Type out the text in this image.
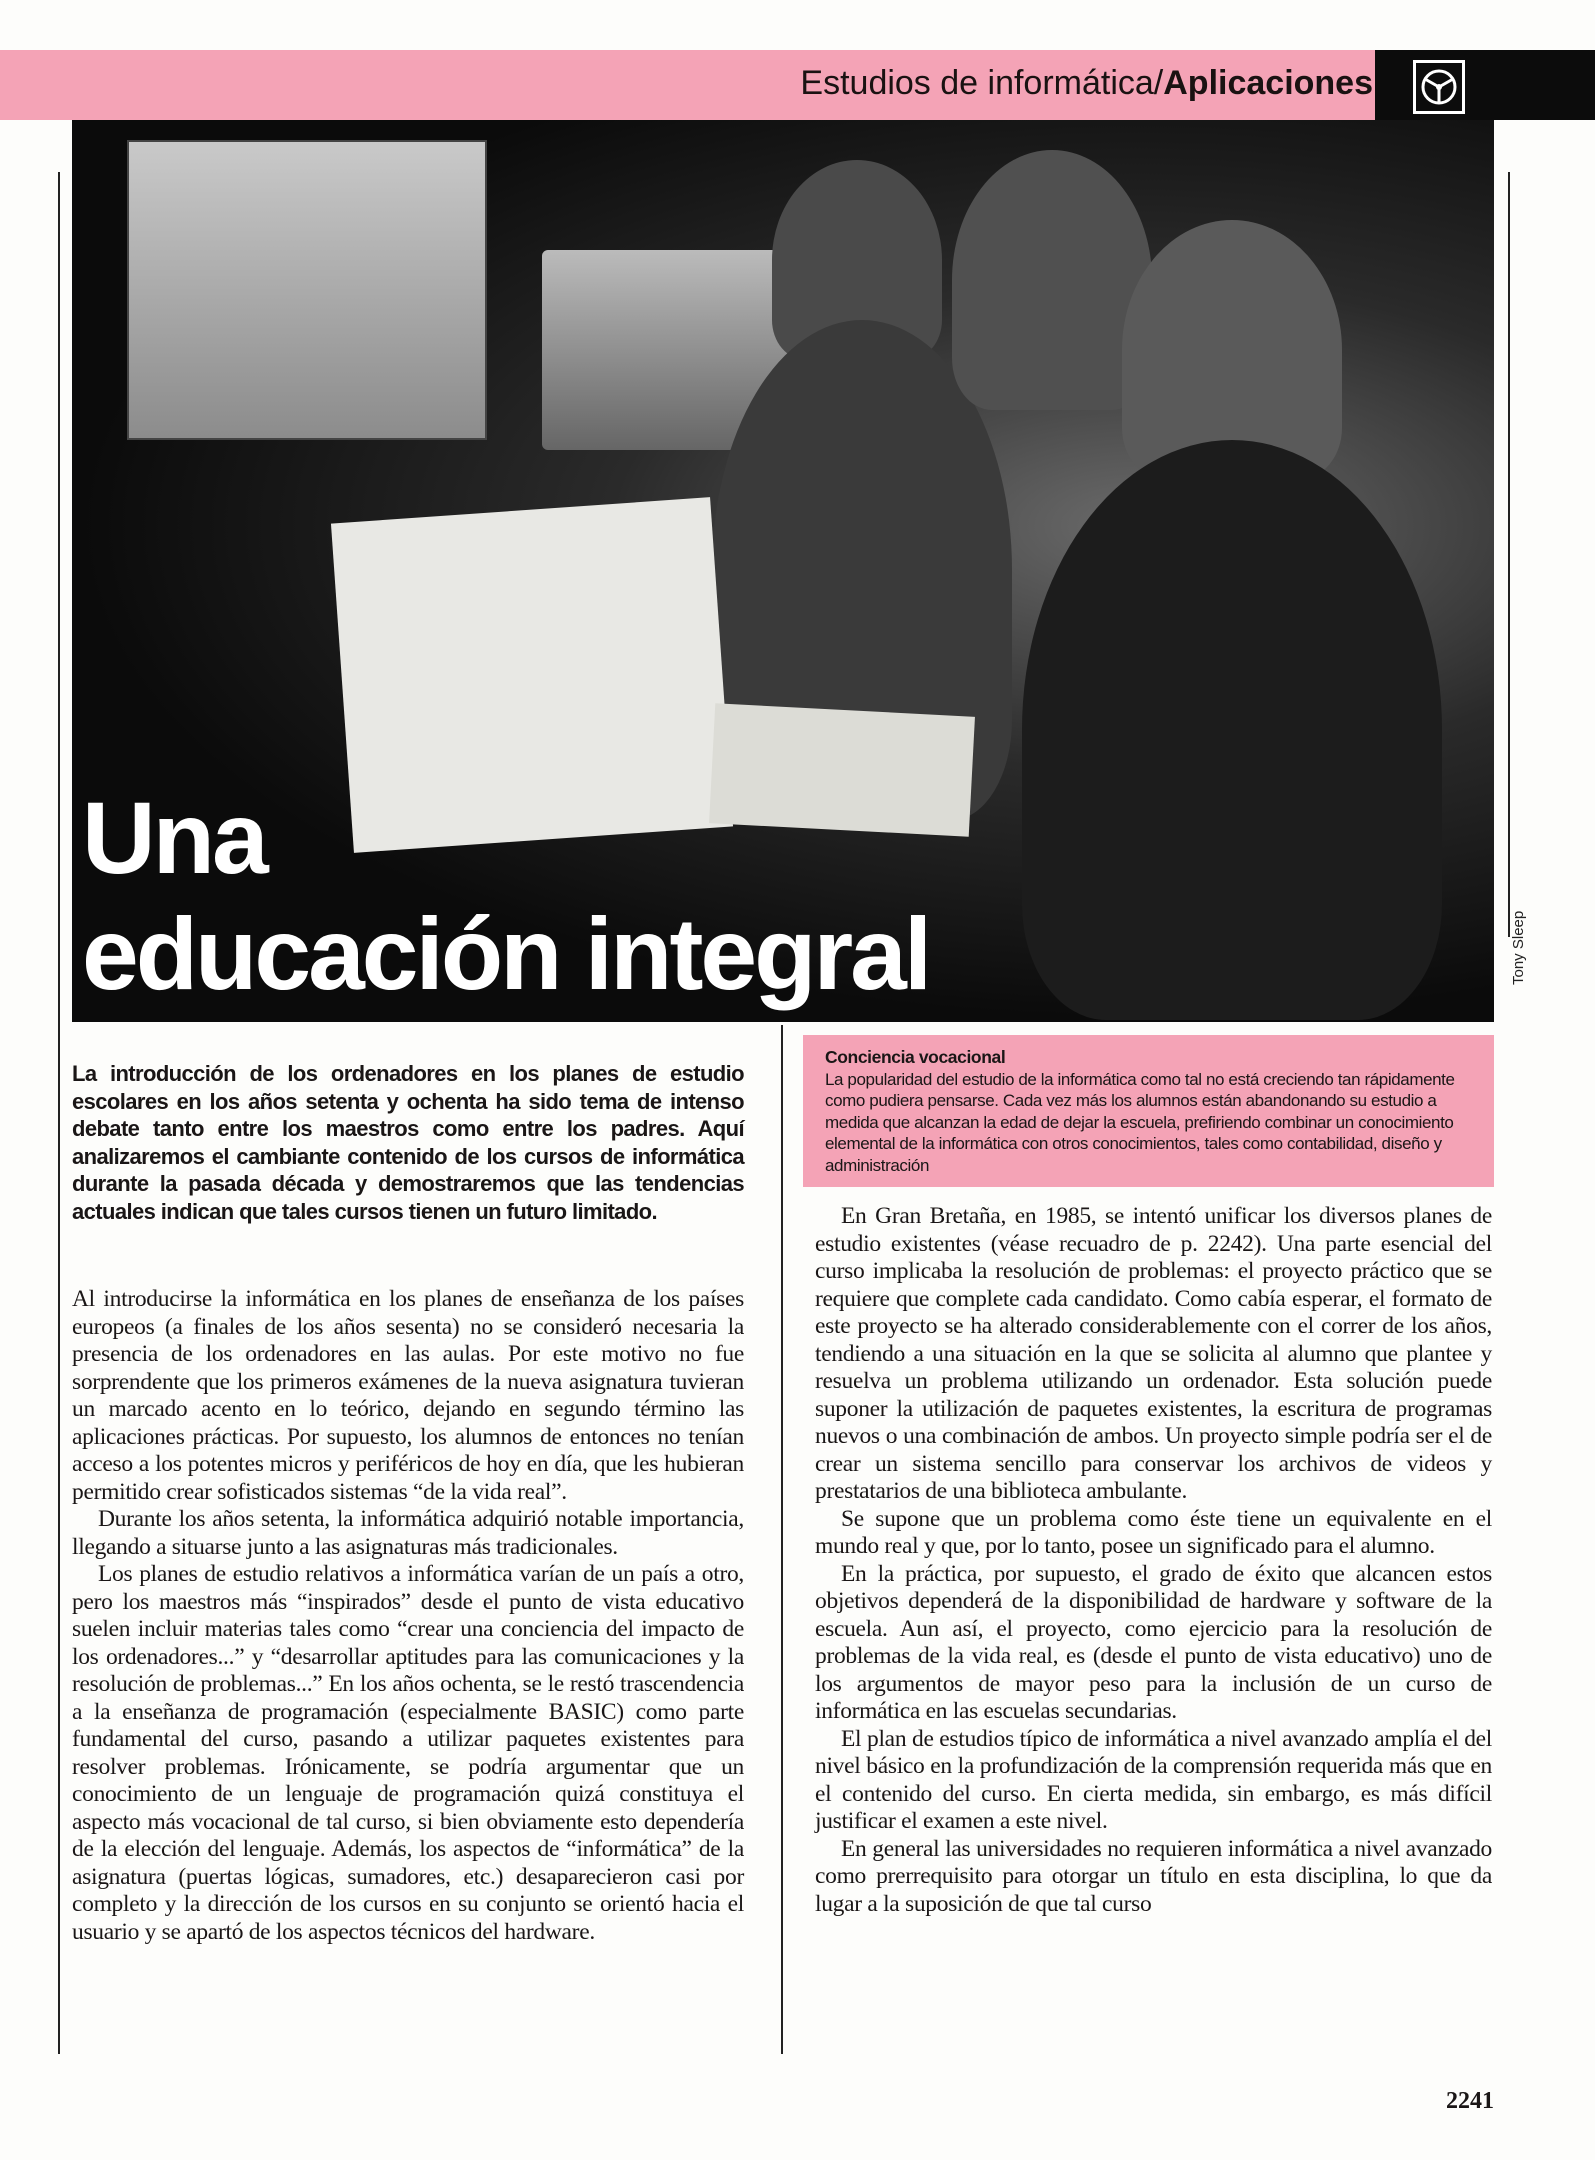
Estudios de informática/Aplicaciones
Una
educación integral	Tony Sleep
La introducción de los ordenadores en los planes de estudio escolares en los años setenta y ochenta ha sido tema de intenso debate tanto entre los maestros como entre los padres. Aquí analizaremos el cambiante contenido de los cursos de informática durante la pasada década y demostraremos que las tendencias actuales indican que tales cursos tienen un futuro limitado.

Al introducirse la informática en los planes de enseñanza de los países europeos (a finales de los años sesenta) no se consideró necesaria la presencia de los ordenadores en las aulas. Por este motivo no fue sorprendente que los primeros exámenes de la nueva asignatura tuvieran un marcado acento en lo teórico, dejando en segundo término las aplicaciones prácticas. Por supuesto, los alumnos de entonces no tenían acceso a los potentes micros y periféricos de hoy en día, que les hubieran permitido crear sofisticados sistemas “de la vida real”.

Durante los años setenta, la informática adquirió notable importancia, llegando a situarse junto a las asignaturas más tradicionales.

Los planes de estudio relativos a informática varían de un país a otro, pero los maestros más “inspirados” desde el punto de vista educativo suelen incluir materias tales como “crear una conciencia del impacto de los ordenadores...” y “desarrollar aptitudes para las comunicaciones y la resolución de problemas...” En los años ochenta, se le restó trascendencia a la enseñanza de programación (especialmente BASIC) como parte fundamental del curso, pasando a utilizar paquetes existentes para resolver problemas. Irónicamente, se podría argumentar que un conocimiento de un lenguaje de programación quizá constituya el aspecto más vocacional de tal curso, si bien obviamente esto dependería de la elección del lenguaje. Además, los aspectos de “informática” de la asignatura (puertas lógicas, sumadores, etc.) desaparecieron casi por completo y la dirección de los cursos en su conjunto se orientó hacia el usuario y se apartó de los aspectos técnicos del hardware.

Conciencia vocacional
La popularidad del estudio de la informática como tal no está creciendo tan rápidamente como pudiera pensarse. Cada vez más los alumnos están abandonando su estudio a medida que alcanzan la edad de dejar la escuela, prefiriendo combinar un conocimiento elemental de la informática con otros conocimientos, tales como contabilidad, diseño y administración

En Gran Bretaña, en 1985, se intentó unificar los diversos planes de estudio existentes (véase recuadro de p. 2242). Una parte esencial del curso implicaba la resolución de problemas: el proyecto práctico que se requiere que complete cada candidato. Como cabía esperar, el formato de este proyecto se ha alterado considerablemente con el correr de los años, tendiendo a una situación en la que se solicita al alumno que plantee y resuelva un problema utilizando un ordenador. Esta solución puede suponer la utilización de paquetes existentes, la escritura de programas nuevos o una combinación de ambos. Un proyecto simple podría ser el de crear un sistema sencillo para conservar los archivos de videos y prestatarios de una biblioteca ambulante.

Se supone que un problema como éste tiene un equivalente en el mundo real y que, por lo tanto, posee un significado para el alumno.

En la práctica, por supuesto, el grado de éxito que alcancen estos objetivos dependerá de la disponibilidad de hardware y software de la escuela. Aun así, el proyecto, como ejercicio para la resolución de problemas de la vida real, es (desde el punto de vista educativo) uno de los argumentos de mayor peso para la inclusión de un curso de informática en las escuelas secundarias.

El plan de estudios típico de informática a nivel avanzado amplía el del nivel básico en la profundización de la comprensión requerida más que en el contenido del curso. En cierta medida, sin embargo, es más difícil justificar el examen a este nivel.

En general las universidades no requieren informática a nivel avanzado como prerrequisito para otorgar un título en esta disciplina, lo que da lugar a la suposición de que tal curso

2241
